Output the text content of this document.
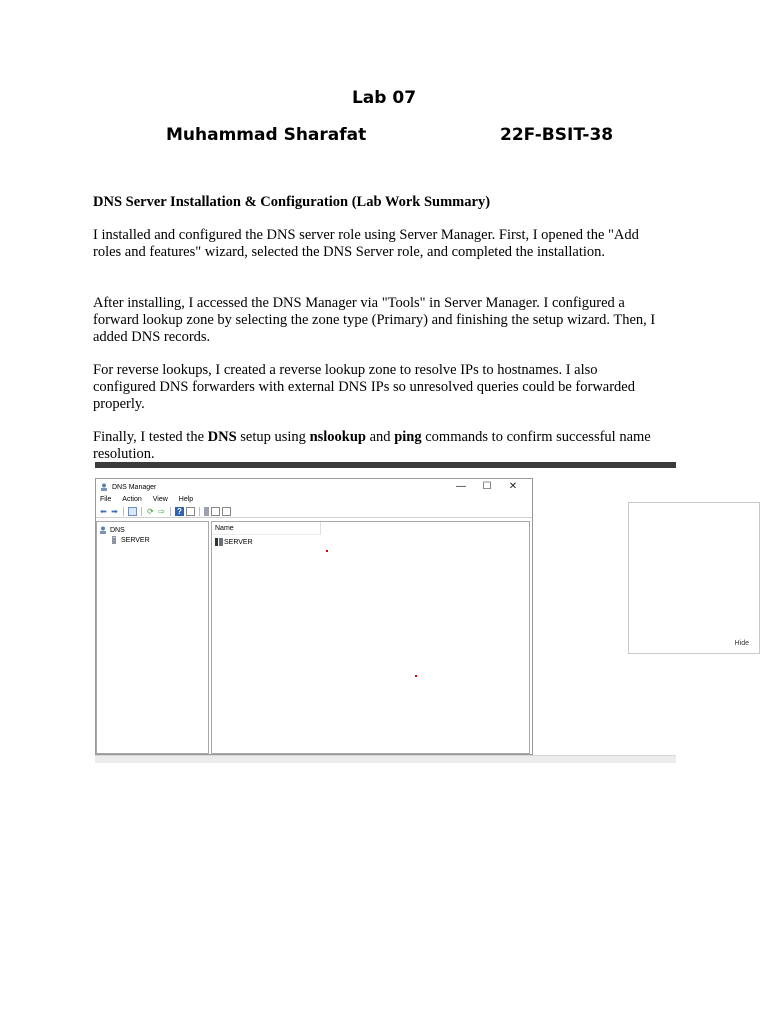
Lab 07
Muhammad Sharafat	22F-BSIT-38
DNS Server Installation & Configuration (Lab Work Summary)
I installed and configured the DNS server role using Server Manager. First, I opened the "Add roles and features" wizard, selected the DNS Server role, and completed the installation.
After installing, I accessed the DNS Manager via "Tools" in Server Manager. I configured a forward lookup zone by selecting the zone type (Primary) and finishing the setup wizard. Then, I added DNS records.
For reverse lookups, I created a reverse lookup zone to resolve IPs to hostnames. I also configured DNS forwarders with external DNS IPs so unresolved queries could be forwarded properly.
Finally, I tested the DNS setup using nslookup and ping commands to confirm successful name resolution.
Hide
DNS Manager	—	☐	✕
File Action View Help
⬅ ➡	⟳ ⇨ ?
DNS
SERVER
Name
SERVER
